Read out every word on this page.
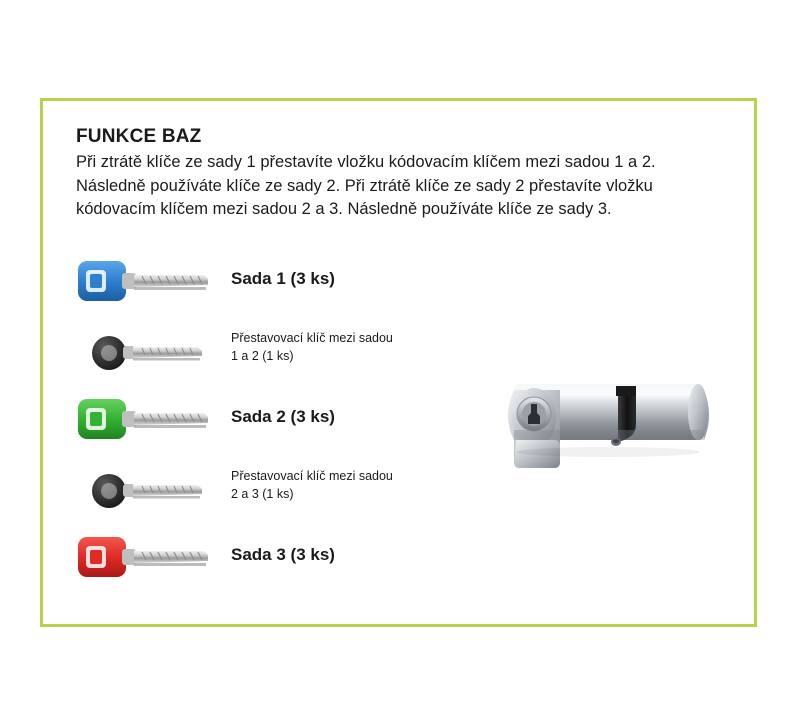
FUNKCE BAZ
Při ztrátě klíče ze sady 1 přestavíte vložku kódovacím klíčem mezi sadou 1 a 2. Následně používáte klíče ze sady 2. Při ztrátě klíče ze sady 2 přestavíte vložku kódovacím klíčem mezi sadou 2 a 3. Následně používáte klíče ze sady 3.
Sada 1 (3 ks)
Přestavovací klíč mezi sadou
1 a 2 (1 ks)
Sada 2 (3 ks)
Přestavovací klíč mezi sadou
2 a 3 (1 ks)
Sada 3 (3 ks)
